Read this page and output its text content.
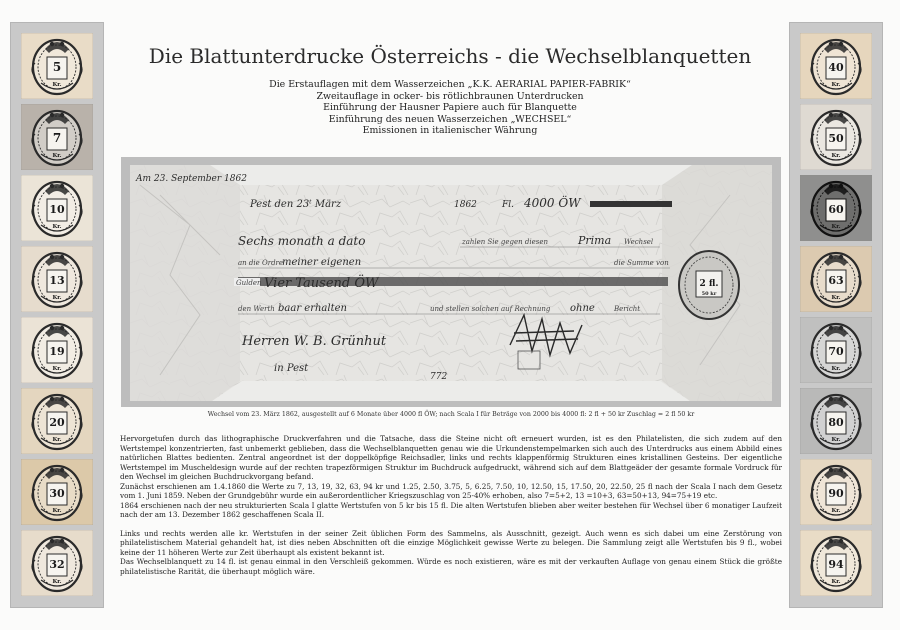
5
Kr.
7
Kr.
10
Kr.
13
Kr.
19
Kr.
20
Kr.
30
Kr.
32
Kr.
40
Kr.
50
Kr.
60
Kr.
63
Kr.
70
Kr.
80
Kr.
90
Kr.
94
Kr.
Die Blattunterdrucke Österreichs - die Wechselblanquetten
Die Erstauflagen mit dem Wasserzeichen „K.K. AERARIAL PAPIER-FABRIK“
Zweitauflage in ocker- bis rötlichbraunen Unterdrucken
Einführung der Hausner Papiere auch für Blanquette
Einführung des neuen Wasserzeichen „WECHSEL“
Emissionen in italienischer Währung
Am 23. September 1862
Pest den 23ᵗ März	1862	Fl. 4000 ÖW
Sechs monath a dato	zahlen Sie gegen diesen	Prima Wechsel
an die Ordre
meiner eigenen	die Summe von
Gulden Vier Tausend ÖW
den Werth baar erhalten	und stellen solchen auf Rechnung ohne	Bericht
Herren W. B. Grünhut
in Pest
772
2 fl.
50 kr
Wechsel vom 23. März 1862, ausgestellt auf 6 Monate über 4000 fl ÖW; nach Scala I für Beträge von 2000 bis 4000 fl: 2 fl + 50 kr Zuschlag = 2 fl 50 kr

Hervorgetufen durch das lithographische Druckverfahren und die Tatsache, dass die Steine nicht oft erneuert wurden, ist es den Philatelisten, die sich zudem auf den Wertstempel konzentrierten, fast unbemerkt geblieben, dass die Wechselblanquetten genau wie die Urkundenstempelmarken sich auch des Unterdrucks aus einem Abbild eines natürlichen Blattes bedienten. Zentral angeordnet ist der doppelköpfige Reichsadler, links und rechts klappenförmig Strukturen eines kristallinen Gesteins. Der eigentliche Wertstempel im Muscheldesign wurde auf der rechten trapezförmigen Struktur im Buchdruck aufgedruckt, während sich auf dem Blattgeäder der gesamte formale Vordruck für den Wechsel im gleichen Buchdruckvorgang befand.

Zunächst erschienen am 1.4.1860 die Werte zu 7, 13, 19, 32, 63, 94 kr und 1.25, 2.50, 3.75, 5, 6.25, 7.50, 10, 12.50, 15, 17.50, 20, 22.50, 25 fl nach der Scala I nach dem Gesetz vom 1. Juni 1859. Neben der Grundgebühr wurde ein außerordentlicher Kriegszuschlag von 25-40% erhoben, also 7=5+2, 13 =10+3, 63=50+13, 94=75+19 etc.

1864 erschienen nach der neu strukturierten Scala I glatte Wertstufen von 5 kr bis 15 fl. Die alten Wertstufen blieben aber weiter bestehen für Wechsel über 6 monatiger Laufzeit nach der am 13. Dezember 1862 geschaffenen Scala II.

Links und rechts werden alle kr. Wertstufen in der seiner Zeit üblichen Form des Sammelns, als Ausschnitt, gezeigt. Auch wenn es sich dabei um eine Zerstörung von philatelistischem Material gehandelt hat, ist dies neben Abschnitten oft die einzige Möglichkeit gewisse Werte zu belegen. Die Sammlung zeigt alle Wertstufen bis 9 fl., wobei keine der 11 höheren Werte zur Zeit überhaupt als existent bekannt ist.

Das Wechselblanquett zu 14 fl. ist genau einmal in den Verschleiß gekommen. Würde es noch existieren, wäre es mit der verkauften Auflage von genau einem Stück die größte philatelistische Rarität, die überhaupt möglich wäre.
